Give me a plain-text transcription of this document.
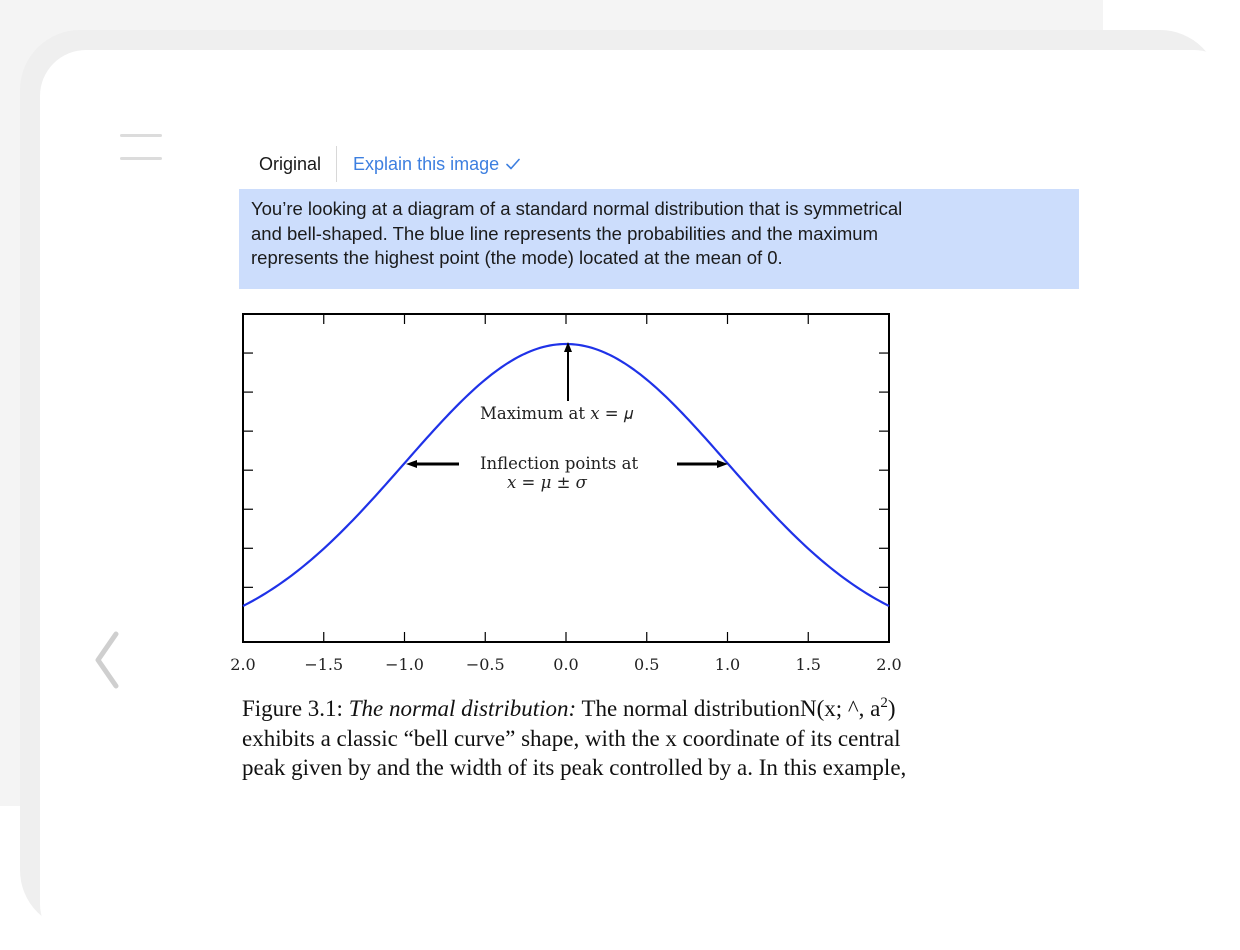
Original	Explain this image
You’re looking at a diagram of a standard normal distribution that is symmetrical
and bell-shaped. The blue line represents the probabilities and the maximum
represents the highest point (the mode) located at the mean of 0.
2.0	−1.5	−1.0	−0.5	0.0	0.5	1.0	1.5	2.0
Maximum at 𝑥 = 𝜇
Inflection points at
𝑥 = 𝜇 ± 𝜎
Figure 3.1: The normal distribution: The normal distributionN(x; ^, $a^2$)
exhibits a classic “bell curve” shape, with the x coordinate of its central
peak given by and the width of its peak controlled by a. In this example,
